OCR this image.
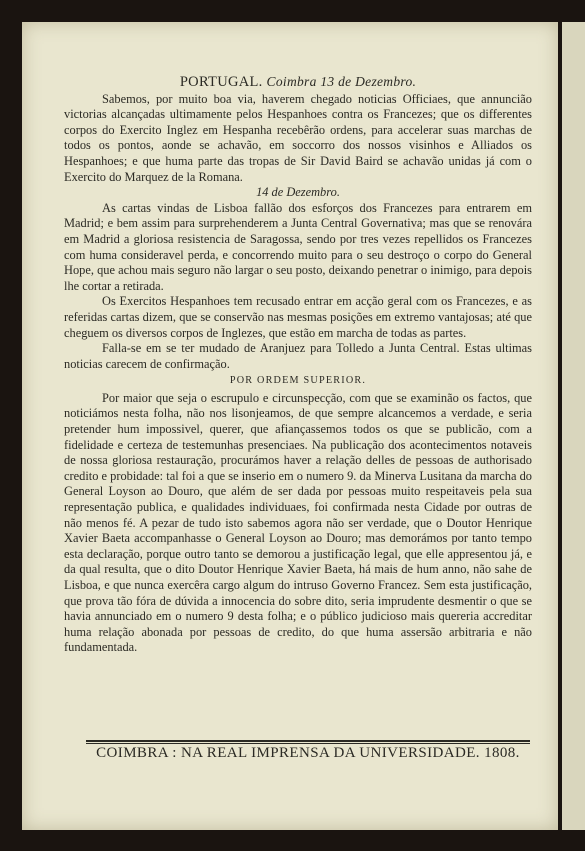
PORTUGAL. Coimbra 13 de Dezembro.

Sabemos, por muito boa via, haverem chegado noticias Officiaes, que annuncião victorias alcançadas ultimamente pelos Hespanhoes contra os Francezes; que os differentes corpos do Exercito Inglez em Hespanha recebêrão ordens, para accelerar suas marchas de todos os pontos, aonde se achavão, em soccorro dos nossos visinhos e Alliados os Hespanhoes; e que huma parte das tropas de Sir David Baird se achavão unidas já com o Exercito do Marquez de la Romana.

14 de Dezembro.

As cartas vindas de Lisboa fallão dos esforços dos Francezes para entrarem em Madrid; e bem assim para surprehenderem a Junta Central Governativa; mas que se renovára em Madrid a gloriosa resistencia de Saragossa, sendo por tres vezes repellidos os Francezes com huma consideravel perda, e concorrendo muito para o seu destroço o corpo do General Hope, que achou mais seguro não largar o seu posto, deixando penetrar o inimigo, para depois lhe cortar a retirada.

Os Exercitos Hespanhoes tem recusado entrar em acção geral com os Francezes, e as referidas cartas dizem, que se conservão nas mesmas posições em extremo vantajosas; até que cheguem os diversos corpos de Inglezes, que estão em marcha de todas as partes.

Falla-se em se ter mudado de Aranjuez para Tolledo a Junta Central. Estas ultimas noticias carecem de confirmação.

POR ORDEM SUPERIOR.

Por maior que seja o escrupulo e circunspecção, com que se examinão os factos, que noticiámos nesta folha, não nos lisonjeamos, de que sempre alcancemos a verdade, e seria pretender hum impossivel, querer, que afiançassemos todos os que se publicão, com a fidelidade e certeza de testemunhas presenciaes. Na publicação dos acontecimentos notaveis de nossa gloriosa restauração, procurámos haver a relação delles de pessoas de authorisado credito e probidade: tal foi a que se inserio em o numero 9. da Minerva Lusitana da marcha do General Loyson ao Douro, que além de ser dada por pessoas muito respeitaveis pela sua representação publica, e qualidades individuaes, foi confirmada nesta Cidade por outras de não menos fé. A pezar de tudo isto sabemos agora não ser verdade, que o Doutor Henrique Xavier Baeta accompanhasse o General Loyson ao Douro; mas demorámos por tanto tempo esta declaração, porque outro tanto se demorou a justificação legal, que elle appresentou já, e da qual resulta, que o dito Doutor Henrique Xavier Baeta, há mais de hum anno, não sahe de Lisboa, e que nunca exercêra cargo algum do intruso Governo Francez. Sem esta justificação, que prova tão fóra de dúvida a innocencia do sobre dito, seria imprudente desmentir o que se havia annunciado em o numero 9 desta folha; e o público judicioso mais quereria accreditar huma relação abonada por pessoas de credito, do que huma assersão arbitraria e não fundamentada.

COIMBRA : NA REAL IMPRENSA DA UNIVERSIDADE. 1808.
